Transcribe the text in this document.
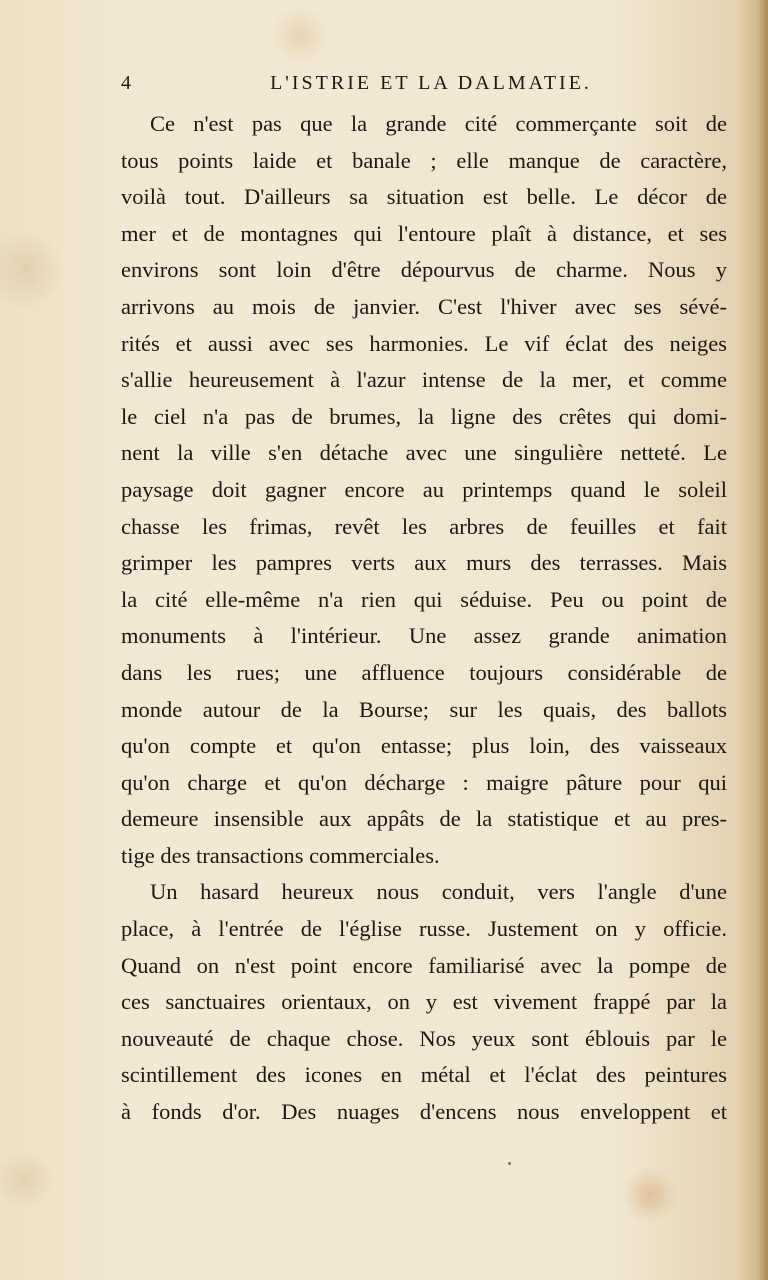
4	L'ISTRIE ET LA DALMATIE.
Ce n'est pas que la grande cité commerçante soit de
tous points laide et banale ; elle manque de caractère,
voilà tout. D'ailleurs sa situation est belle. Le décor de
mer et de montagnes qui l'entoure plaît à distance, et ses
environs sont loin d'être dépourvus de charme. Nous y
arrivons au mois de janvier. C'est l'hiver avec ses sévé-
rités et aussi avec ses harmonies. Le vif éclat des neiges
s'allie heureusement à l'azur intense de la mer, et comme
le ciel n'a pas de brumes, la ligne des crêtes qui domi-
nent la ville s'en détache avec une singulière netteté. Le
paysage doit gagner encore au printemps quand le soleil
chasse les frimas, revêt les arbres de feuilles et fait
grimper les pampres verts aux murs des terrasses. Mais
la cité elle-même n'a rien qui séduise. Peu ou point de
monuments à l'intérieur. Une assez grande animation
dans les rues; une affluence toujours considérable de
monde autour de la Bourse; sur les quais, des ballots
qu'on compte et qu'on entasse; plus loin, des vaisseaux
qu'on charge et qu'on décharge : maigre pâture pour qui
demeure insensible aux appâts de la statistique et au pres-
tige des transactions commerciales.
Un hasard heureux nous conduit, vers l'angle d'une
place, à l'entrée de l'église russe. Justement on y officie.
Quand on n'est point encore familiarisé avec la pompe de
ces sanctuaires orientaux, on y est vivement frappé par la
nouveauté de chaque chose. Nos yeux sont éblouis par le
scintillement des icones en métal et l'éclat des peintures
à fonds d'or. Des nuages d'encens nous enveloppent et
